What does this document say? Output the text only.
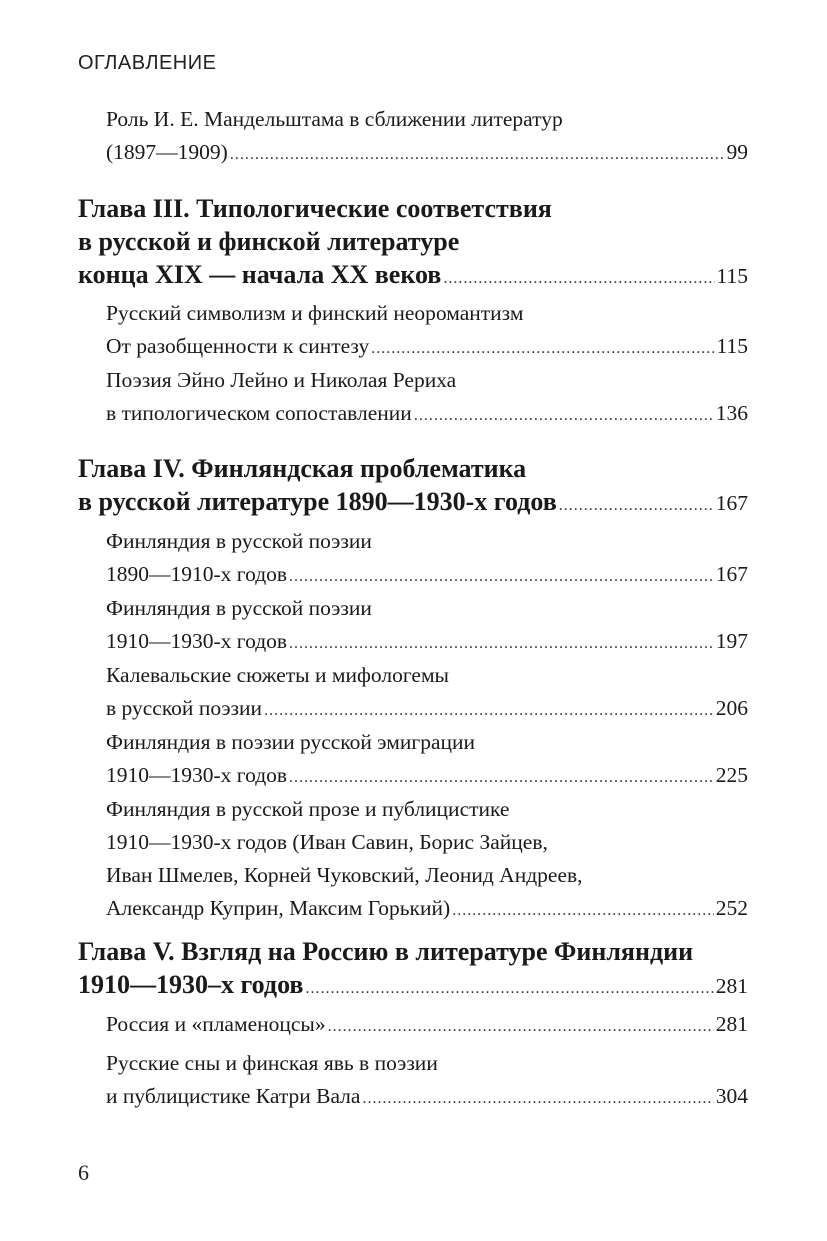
ОГЛАВЛЕНИЕ
Роль И. Е. Мандельштама в сближении литератур
(1897—1909) .....	99
Глава III. Типологические соответствия
в русской и финской литературе
конца XIX — начала XX веков .....	115
Русский символизм и финский неоромантизм
От разобщенности к синтезу .....	115
Поэзия Эйно Лейно и Николая Рериха
в типологическом сопоставлении .....	136
Глава IV. Финляндская проблематика
в русской литературе 1890—1930-х годов .....	167
Финляндия в русской поэзии
1890—1910-х годов .....	167
Финляндия в русской поэзии
1910—1930-х годов .....	197
Калевальские сюжеты и мифологемы
в русской поэзии .....	206
Финляндия в поэзии русской эмиграции
1910—1930-х годов .....	225
Финляндия в русской прозе и публицистике
1910—1930-х годов (Иван Савин, Борис Зайцев,
Иван Шмелев, Корней Чуковский, Леонид Андреев,
Александр Куприн, Максим Горький) .....	252
Глава V. Взгляд на Россию в литературе Финляндии
1910—1930–х годов .....	281
Россия и «пламеноцсы» .....	281
Русские сны и финская явь в поэзии
и публицистике Катри Вала .....	304
6
